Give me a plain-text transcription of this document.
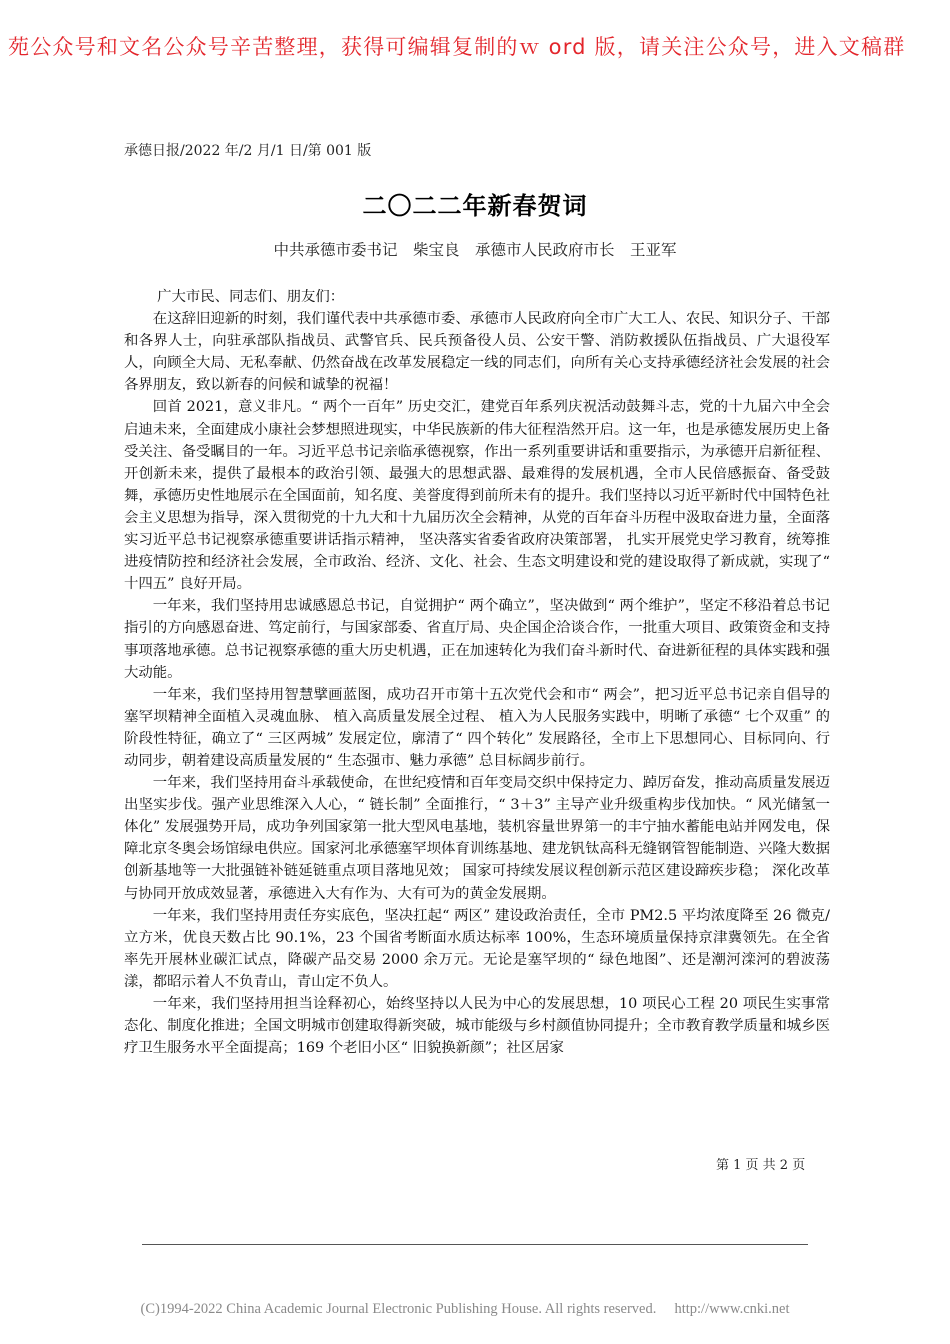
苑公众号和文名公众号辛苦整理，获得可编辑复制的ｗ ord 版，请关注公众号，进入文稿群
承德日报/2022 年/2 月/1 日/第 001 版
二〇二二年新春贺词
中共承德市委书记　柴宝良　承德市人民政府市长　王亚军

广大市民、同志们、朋友们：

在这辞旧迎新的时刻，我们谨代表中共承德市委、承德市人民政府向全市广大工人、农民、知识分子、干部和各界人士，向驻承部队指战员、武警官兵、民兵预备役人员、公安干警、消防救援队伍指战员、广大退役军人，向顾全大局、无私奉献、仍然奋战在改革发展稳定一线的同志们，向所有关心支持承德经济社会发展的社会各界朋友，致以新春的问候和诚挚的祝福！

回首 2021，意义非凡。“ 两个一百年” 历史交汇，建党百年系列庆祝活动鼓舞斗志，党的十九届六中全会启迪未来，全面建成小康社会梦想照进现实，中华民族新的伟大征程浩然开启。这一年，也是承德发展历史上备受关注、备受瞩目的一年。习近平总书记亲临承德视察，作出一系列重要讲话和重要指示，为承德开启新征程、开创新未来，提供了最根本的政治引领、最强大的思想武器、最难得的发展机遇，全市人民倍感振奋、备受鼓舞，承德历史性地展示在全国面前，知名度、美誉度得到前所未有的提升。我们坚持以习近平新时代中国特色社会主义思想为指导，深入贯彻党的十九大和十九届历次全会精神，从党的百年奋斗历程中汲取奋进力量，全面落实习近平总书记视察承德重要讲话指示精神， 坚决落实省委省政府决策部署， 扎实开展党史学习教育，统筹推进疫情防控和经济社会发展，全市政治、经济、文化、社会、生态文明建设和党的建设取得了新成就，实现了“ 十四五” 良好开局。

一年来，我们坚持用忠诚感恩总书记，自觉拥护“ 两个确立”，坚决做到“ 两个维护”，坚定不移沿着总书记指引的方向感恩奋进、笃定前行，与国家部委、省直厅局、央企国企洽谈合作，一批重大项目、政策资金和支持事项落地承德。总书记视察承德的重大历史机遇，正在加速转化为我们奋斗新时代、奋进新征程的具体实践和强大动能。

一年来，我们坚持用智慧擘画蓝图，成功召开市第十五次党代会和市“ 两会”，把习近平总书记亲自倡导的塞罕坝精神全面植入灵魂血脉、 植入高质量发展全过程、 植入为人民服务实践中，明晰了承德“ 七个双重” 的阶段性特征，确立了“ 三区两城” 发展定位，廓清了“ 四个转化” 发展路径，全市上下思想同心、目标同向、行动同步，朝着建设高质量发展的“ 生态强市、魅力承德” 总目标阔步前行。

一年来，我们坚持用奋斗承载使命，在世纪疫情和百年变局交织中保持定力、踔厉奋发，推动高质量发展迈出坚实步伐。强产业思维深入人心，“ 链长制” 全面推行，“ 3＋3” 主导产业升级重构步伐加快。“ 风光储氢一体化” 发展强势开局，成功争列国家第一批大型风电基地，装机容量世界第一的丰宁抽水蓄能电站并网发电，保障北京冬奥会场馆绿电供应。国家河北承德塞罕坝体育训练基地、建龙钒钛高科无缝钢管智能制造、兴隆大数据创新基地等一大批强链补链延链重点项目落地见效； 国家可持续发展议程创新示范区建设蹄疾步稳； 深化改革与协同开放成效显著，承德进入大有作为、大有可为的黄金发展期。

一年来，我们坚持用责任夯实底色，坚决扛起“ 两区” 建设政治责任，全市 PM2.5 平均浓度降至 26 微克/立方米，优良天数占比 90.1%，23 个国省考断面水质达标率 100%，生态环境质量保持京津冀领先。在全省率先开展林业碳汇试点，降碳产品交易 2000 余万元。无论是塞罕坝的“ 绿色地图”、还是潮河滦河的碧波荡漾，都昭示着人不负青山，青山定不负人。

一年来，我们坚持用担当诠释初心，始终坚持以人民为中心的发展思想，10 项民心工程 20 项民生实事常态化、制度化推进；全国文明城市创建取得新突破，城市能级与乡村颜值协同提升；全市教育教学质量和城乡医疗卫生服务水平全面提高；169 个老旧小区“ 旧貌换新颜”；社区居家

第 1 页 共 2 页
(C)1994-2022 China Academic Journal Electronic Publishing House. All rights reserved.　 http://www.cnki.net
